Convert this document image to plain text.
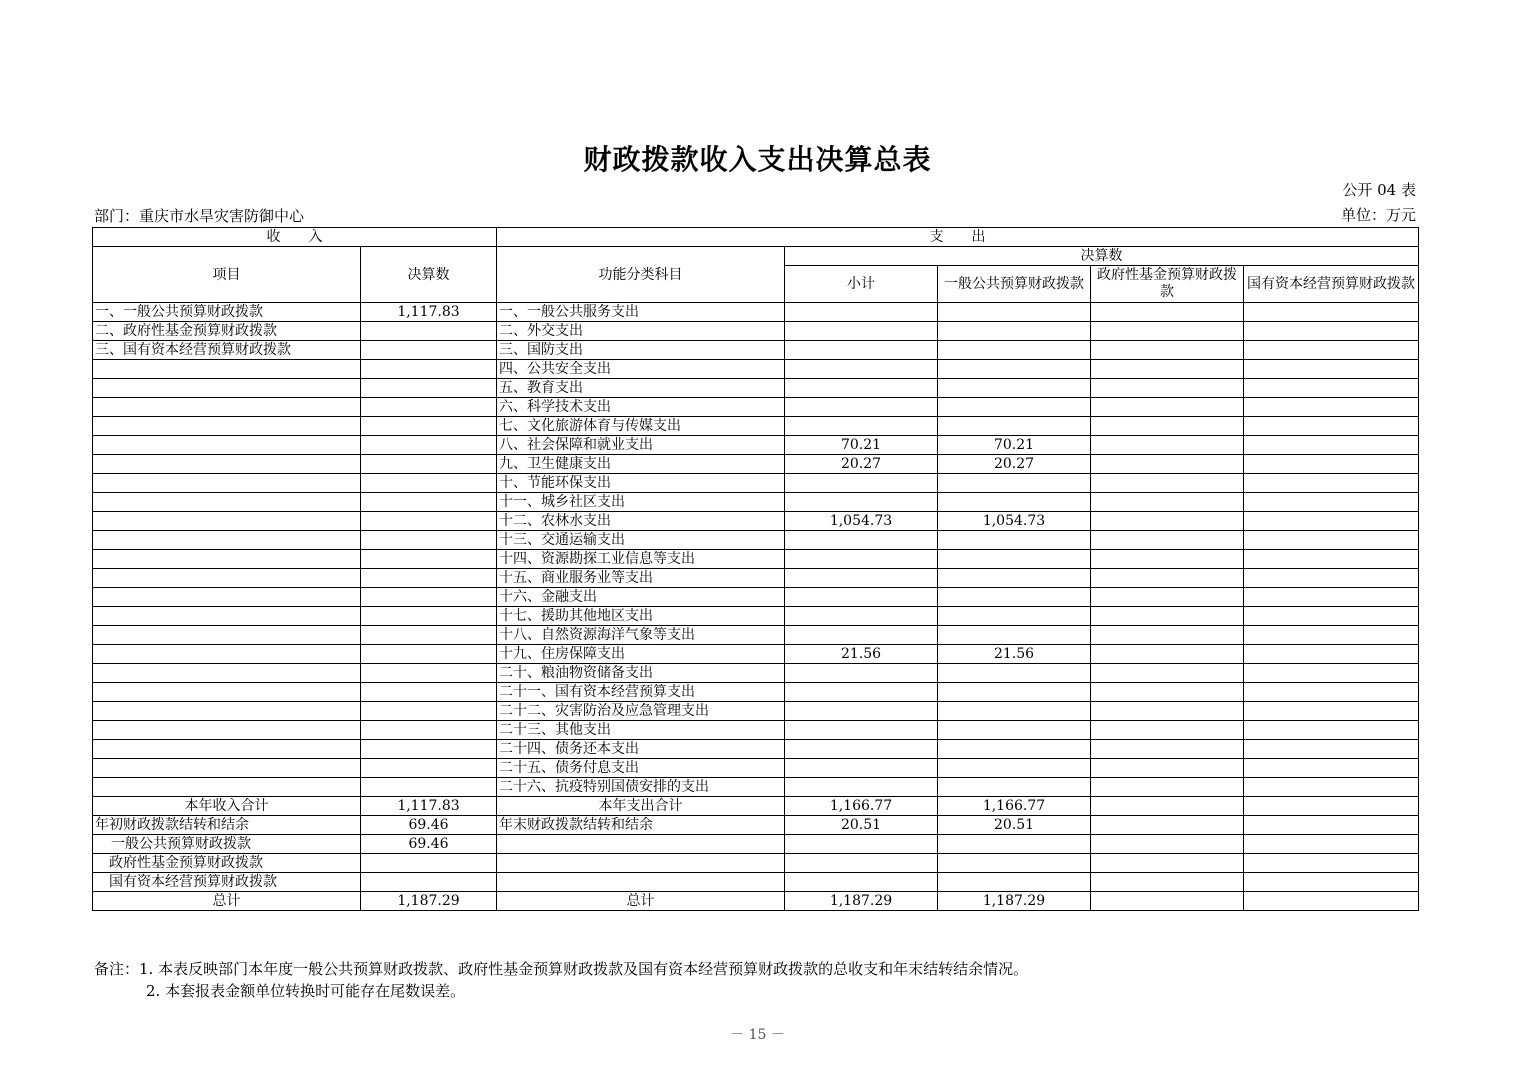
财政拨款收入支出决算总表
公开 04 表
部门：重庆市水旱灾害防御中心	单位：万元
收　　入		支　　出				
项目	决算数	功能分类科目	决算数			
			小计	一般公共预算财政拨款	政府性基金预算财政拨款	国有资本经营预算财政拨款
一、一般公共预算财政拨款	1,117.83	一、一般公共服务支出				
二、政府性基金预算财政拨款		二、外交支出				
三、国有资本经营预算财政拨款		三、国防支出				
		四、公共安全支出				
		五、教育支出				
		六、科学技术支出				
		七、文化旅游体育与传媒支出				
		八、社会保障和就业支出	70.21	70.21		
		九、卫生健康支出	20.27	20.27		
		十、节能环保支出				
		十一、城乡社区支出				
		十二、农林水支出	1,054.73	1,054.73		
		十三、交通运输支出				
		十四、资源勘探工业信息等支出				
		十五、商业服务业等支出				
		十六、金融支出				
		十七、援助其他地区支出				
		十八、自然资源海洋气象等支出				
		十九、住房保障支出	21.56	21.56		
		二十、粮油物资储备支出				
		二十一、国有资本经营预算支出				
		二十二、灾害防治及应急管理支出				
		二十三、其他支出				
		二十四、债务还本支出				
		二十五、债务付息支出				
		二十六、抗疫特别国债安排的支出				
本年收入合计	1,117.83	本年支出合计	1,166.77	1,166.77		
年初财政拨款结转和结余	69.46	年末财政拨款结转和结余	20.51	20.51		
一般公共预算财政拨款	69.46					
政府性基金预算财政拨款						
国有资本经营预算财政拨款						
总计	1,187.29	总计	1,187.29	1,187.29		
备注：1. 本表反映部门本年度一般公共预算财政拨款、政府性基金预算财政拨款及国有资本经营预算财政拨款的总收支和年末结转结余情况。
2. 本套报表金额单位转换时可能存在尾数误差。
－ 15 －
